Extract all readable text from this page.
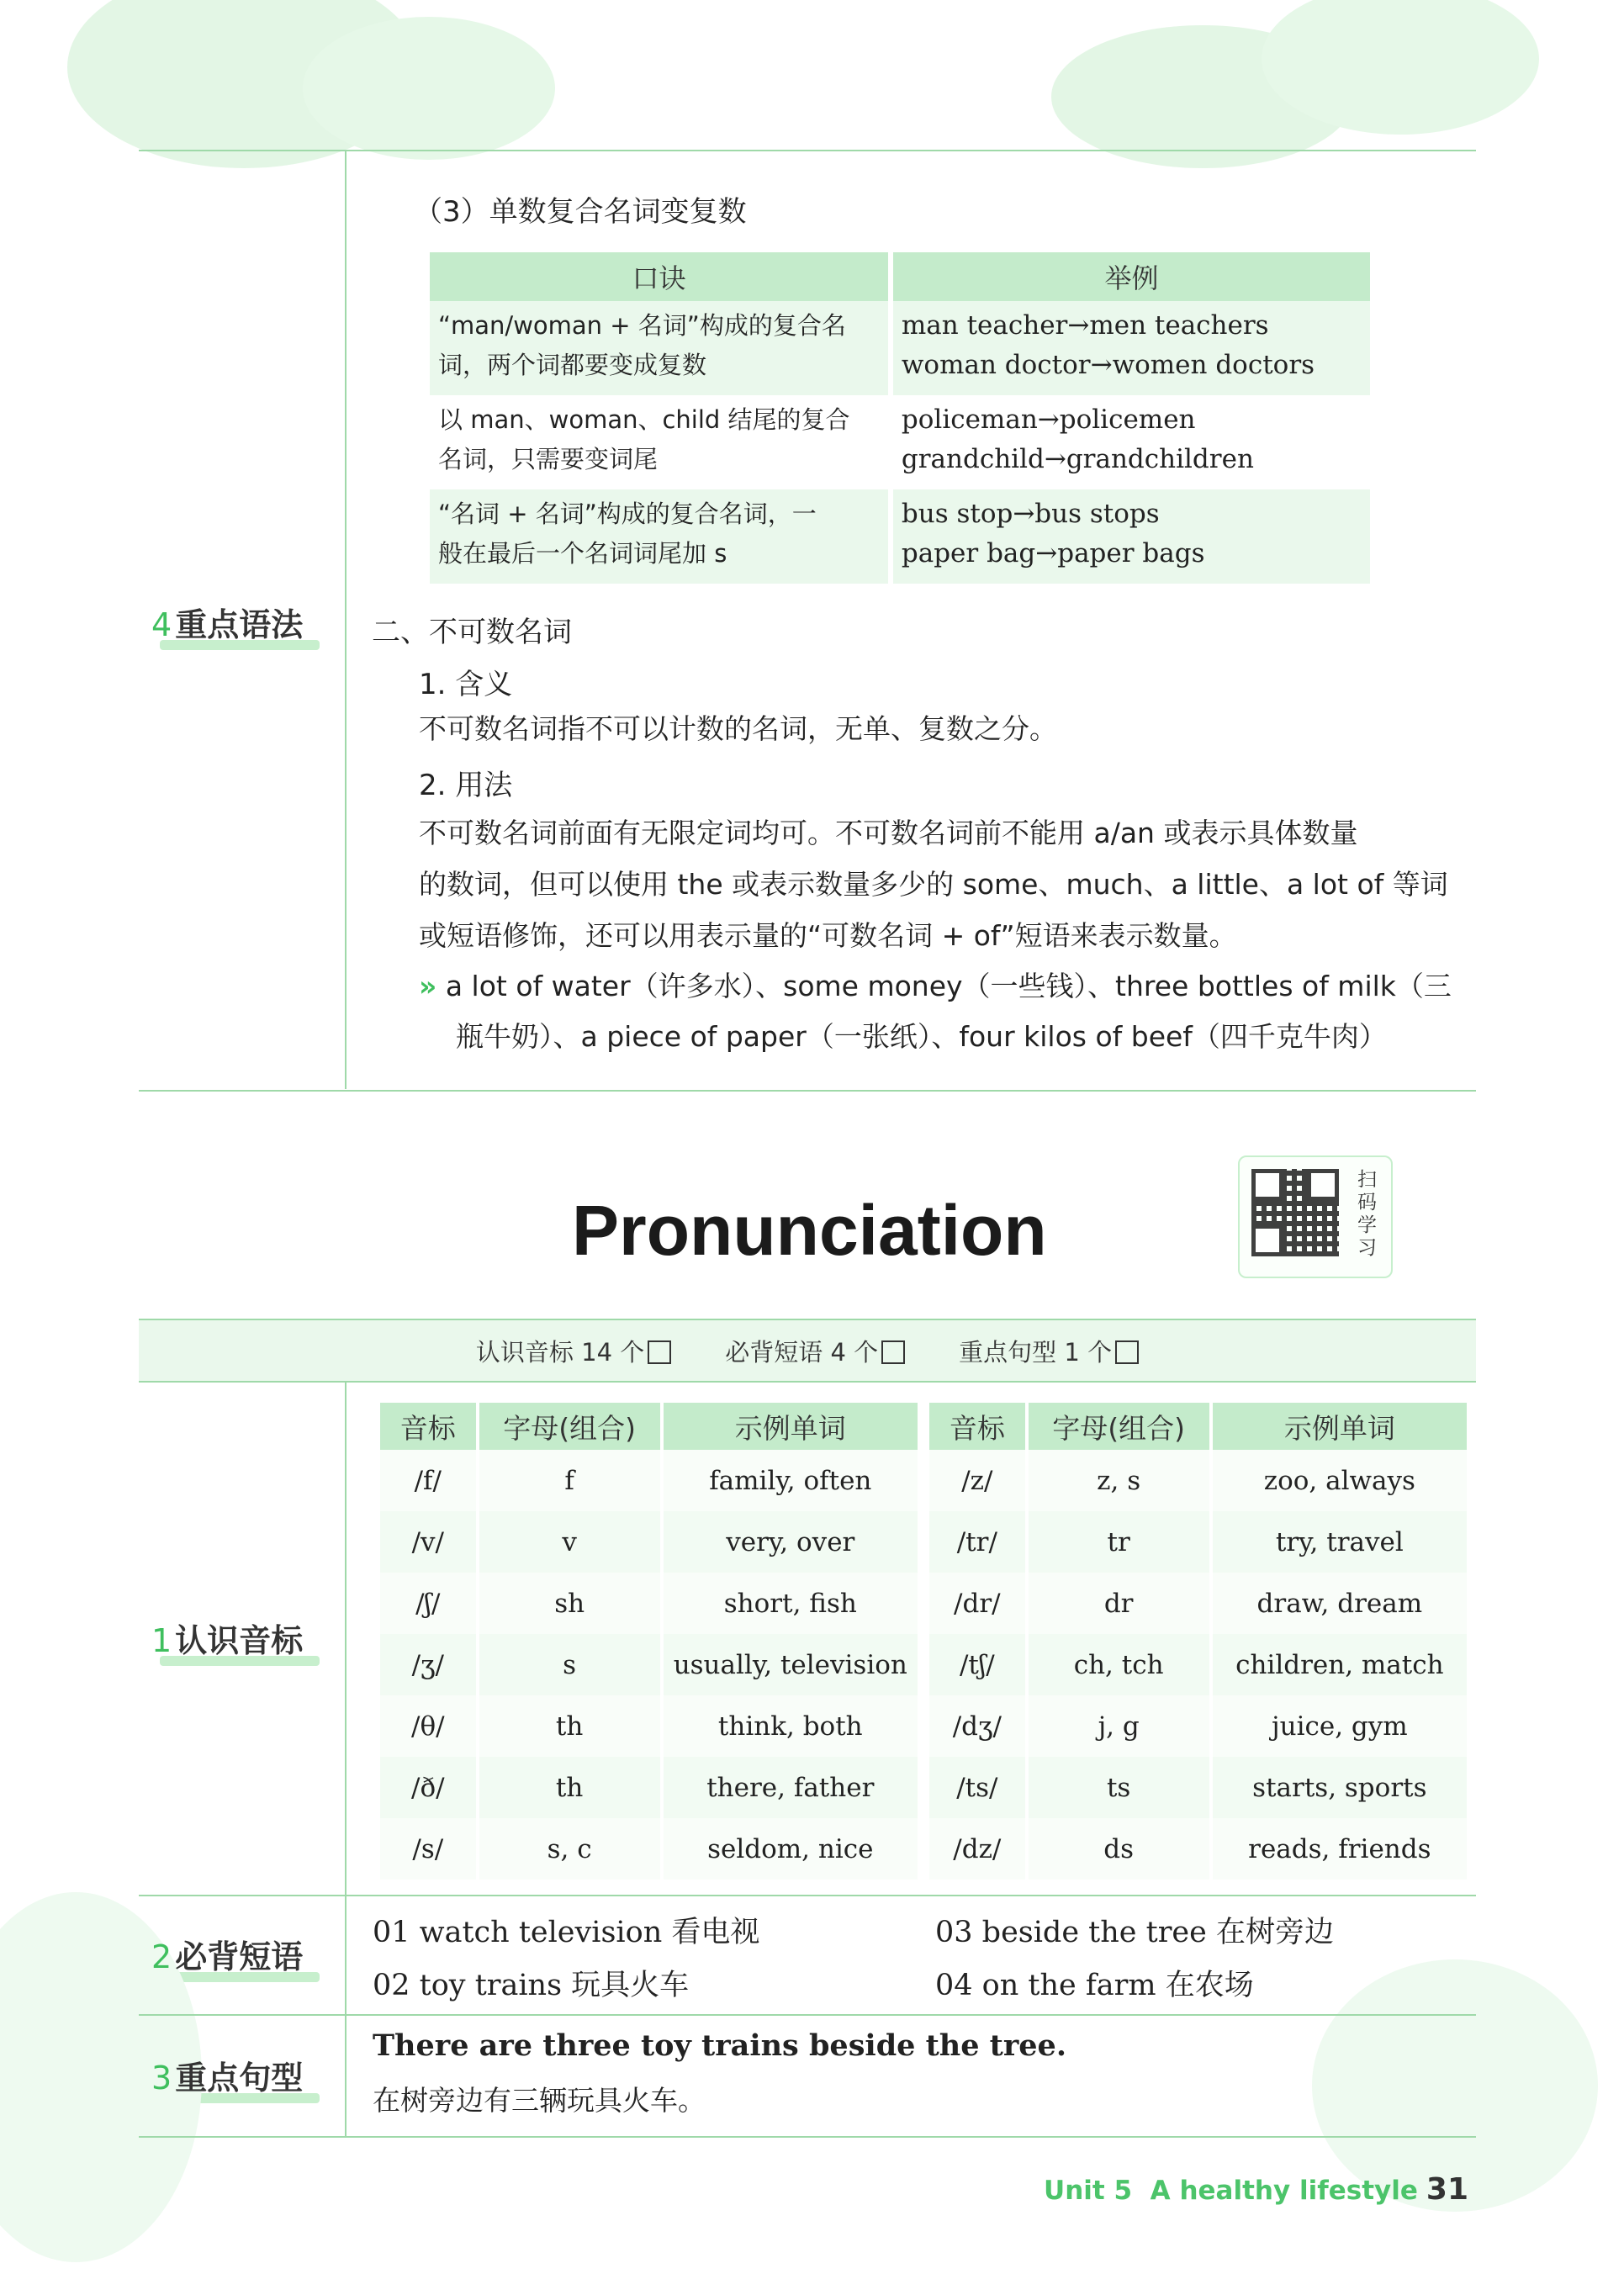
4 重点语法
（3）单数复合名词变复数
口诀	举例
“man/woman + 名词”构成的复合名
词，两个词都要变成复数	man teacher→men teachers
woman doctor→women doctors
以 man、woman、child 结尾的复合
名词，只需要变词尾	policeman→policemen
grandchild→grandchildren
“名词 + 名词”构成的复合名词，一
般在最后一个名词词尾加 s	bus stop→bus stops
paper bag→paper bags
二、不可数名词
1. 含义
不可数名词指不可以计数的名词，无单、复数之分。
2. 用法
不可数名词前面有无限定词均可。不可数名词前不能用 a/an 或表示具体数量
的数词，但可以使用 the 或表示数量多少的 some、much、a little、a lot of 等词
或短语修饰，还可以用表示量的“可数名词 + of”短语来表示数量。
» a lot of water（许多水）、some money（一些钱）、three bottles of milk（三
瓶牛奶）、a piece of paper（一张纸）、four kilos of beef（四千克牛肉）
Pronunciation
扫码学习
认识音标 14 个	必背短语 4 个	重点句型 1 个
1 认识音标
音标	字母(组合)	示例单词		音标	字母(组合)	示例单词
/f/	f	family, often		/z/	z, s	zoo, always
/v/	v	very, over		/tr/	tr	try, travel
/ʃ/	sh	short, fish		/dr/	dr	draw, dream
/ʒ/	s	usually, television		/tʃ/	ch, tch	children, match
/θ/	th	think, both		/dʒ/	j, g	juice, gym
/ð/	th	there, father		/ts/	ts	starts, sports
/s/	s, c	seldom, nice		/dz/	ds	reads, friends
2 必背短语
01 watch television 看电视
02 toy trains 玩具火车
03 beside the tree 在树旁边
04 on the farm 在农场
3 重点句型
There are three toy trains beside the tree.
在树旁边有三辆玩具火车。
Unit 5 A healthy lifestyle 31
